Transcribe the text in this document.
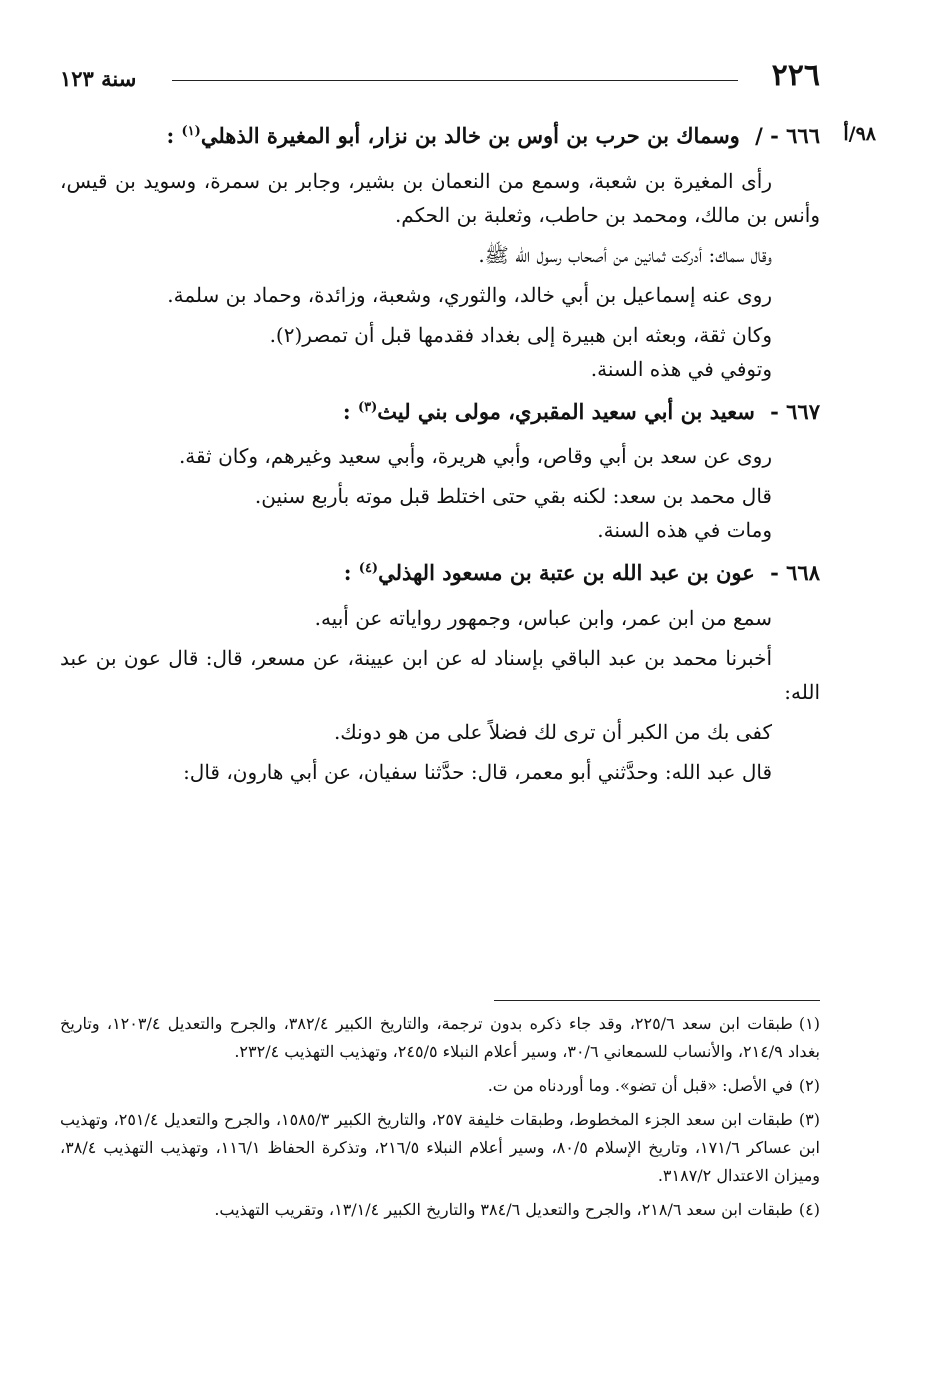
٢٢٦
سنة ١٢٣

٩٨/أ
٦٦٦ - / وسماك بن حرب بن أوس بن خالد بن نزار، أبو المغيرة الذهلي$^{(١)}$ :

رأى المغيرة بن شعبة، وسمع من النعمان بن بشير، وجابر بن سمرة، وسويد بن قيس، وأنس بن مالك، ومحمد بن حاطب، وثعلبة بن الحكم.

وقال سماك: أدركت ثمانين من أصحاب رسول الله ﷺ.

روى عنه إسماعيل بن أبي خالد، والثوري، وشعبة، وزائدة، وحماد بن سلمة.

وكان ثقة، وبعثه ابن هبيرة إلى بغداد فقدمها قبل أن تمصر(٢).

وتوفي في هذه السنة.

٦٦٧ - سعيد بن أبي سعيد المقبري، مولى بني ليث$^{(٣)}$ :

روى عن سعد بن أبي وقاص، وأبي هريرة، وأبي سعيد وغيرهم، وكان ثقة.

قال محمد بن سعد: لكنه بقي حتى اختلط قبل موته بأربع سنين.

ومات في هذه السنة.

٦٦٨ - عون بن عبد الله بن عتبة بن مسعود الهذلي$^{(٤)}$ :

سمع من ابن عمر، وابن عباس، وجمهور رواياته عن أبيه.

أخبرنا محمد بن عبد الباقي بإسناد له عن ابن عيينة، عن مسعر، قال: قال عون بن عبد الله:

كفى بك من الكبر أن ترى لك فضلاً على من هو دونك.

قال عبد الله: وحدَّثني أبو معمر، قال: حدَّثنا سفيان، عن أبي هارون، قال:

(١)طبقات ابن سعد ٢٢٥/٦، وقد جاء ذكره بدون ترجمة، والتاريخ الكبير ٣٨٢/٤، والجرح والتعديل ١٢٠٣/٤، وتاريخ بغداد ٢١٤/٩، والأنساب للسمعاني ٣٠/٦، وسير أعلام النبلاء ٢٤٥/٥، وتهذيب التهذيب ٢٣٢/٤.

(٢)في الأصل: «قبل أن تضو». وما أوردناه من ت.

(٣)طبقات ابن سعد الجزء المخطوط، وطبقات خليفة ٢٥٧، والتاريخ الكبير ١٥٨٥/٣، والجرح والتعديل ٢٥١/٤، وتهذيب ابن عساكر ١٧١/٦، وتاريخ الإسلام ٨٠/٥، وسير أعلام النبلاء ٢١٦/٥، وتذكرة الحفاظ ١١٦/١، وتهذيب التهذيب ٣٨/٤، وميزان الاعتدال ٣١٨٧/٢.

(٤)طبقات ابن سعد ٢١٨/٦، والجرح والتعديل ٣٨٤/٦ والتاريخ الكبير ١٣/١/٤، وتقريب التهذيب.
